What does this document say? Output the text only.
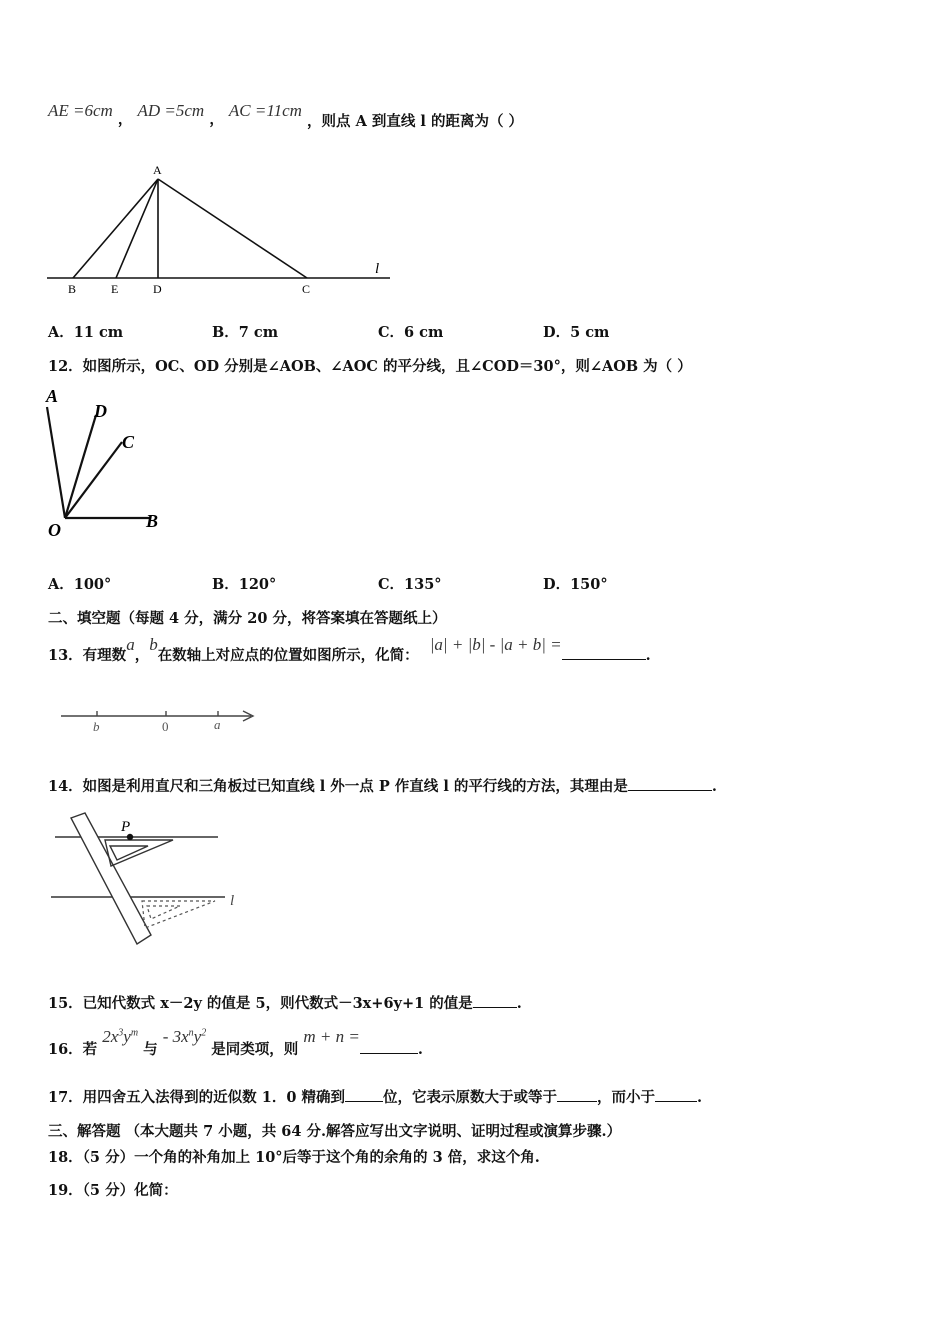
AE =6cm ， AD =5cm ， AC =11cm ，则点 A 到直线 l 的距离为（ ）
A
B	E	D	C
l
A．11 cm	B．7 cm	C．6 cm	D．5 cm
12．如图所示，OC、OD 分别是∠AOB、∠AOC 的平分线，且∠COD＝30°，则∠AOB 为（ ）
A
D
C
O	B
A．100°	B．120°	C．135°	D．150°
二、填空题（每题 4 分，满分 20 分，将答案填在答题纸上）
13．有理数a，b在数轴上对应点的位置如图所示，化简： |a| + |b| - |a + b| =.
b	0	a
14．如图是利用直尺和三角板过已知直线 l 外一点 P 作直线 l 的平行线的方法，其理由是	.
P
l
15．已知代数式 x－2y 的值是 5，则代数式－3x+6y+1 的值是	.
16．若 $2x^3y^m$ 与 - $3x^ny^2$ 是同类项，则 m + n =.
17．用四舍五入法得到的近似数 1．0 精确到	位，它表示原数大于或等于	，而小于	.
三、解答题 （本大题共 7 小题，共 64 分.解答应写出文字说明、证明过程或演算步骤.）
18．（5 分）一个角的补角加上 10°后等于这个角的余角的 3 倍，求这个角.
19．（5 分）化简：
